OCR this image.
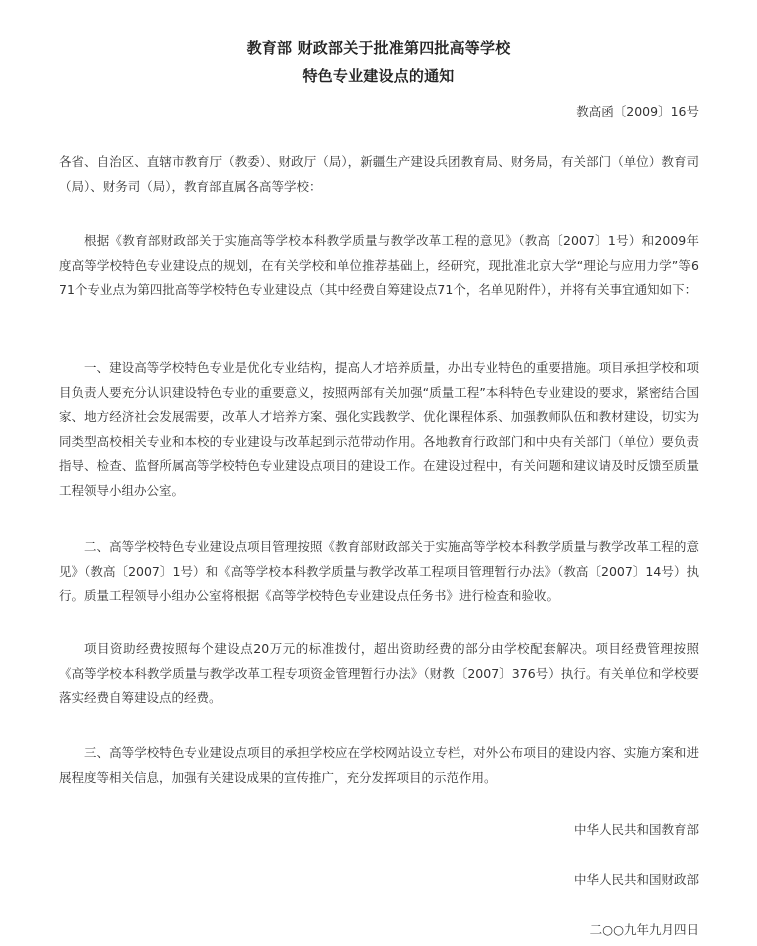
教育部 财政部关于批准第四批高等学校
特色专业建设点的通知
教高函〔2009〕16号

各省、自治区、直辖市教育厅（教委）、财政厅（局），新疆生产建设兵团教育局、财务局，有关部门（单位）教育司（局）、财务司（局），教育部直属各高等学校：

根据《教育部财政部关于实施高等学校本科教学质量与教学改革工程的意见》（教高〔2007〕1号）和2009年度高等学校特色专业建设点的规划，在有关学校和单位推荐基础上，经研究，现批准北京大学“理论与应用力学”等671个专业点为第四批高等学校特色专业建设点（其中经费自筹建设点71个，名单见附件），并将有关事宜通知如下：

一、建设高等学校特色专业是优化专业结构，提高人才培养质量，办出专业特色的重要措施。项目承担学校和项目负责人要充分认识建设特色专业的重要意义，按照两部有关加强“质量工程”本科特色专业建设的要求，紧密结合国家、地方经济社会发展需要，改革人才培养方案、强化实践教学、优化课程体系、加强教师队伍和教材建设，切实为同类型高校相关专业和本校的专业建设与改革起到示范带动作用。各地教育行政部门和中央有关部门（单位）要负责指导、检查、监督所属高等学校特色专业建设点项目的建设工作。在建设过程中，有关问题和建议请及时反馈至质量工程领导小组办公室。

二、高等学校特色专业建设点项目管理按照《教育部财政部关于实施高等学校本科教学质量与教学改革工程的意见》（教高〔2007〕1号）和《高等学校本科教学质量与教学改革工程项目管理暂行办法》（教高〔2007〕14号）执行。质量工程领导小组办公室将根据《高等学校特色专业建设点任务书》进行检查和验收。

项目资助经费按照每个建设点20万元的标准拨付，超出资助经费的部分由学校配套解决。项目经费管理按照《高等学校本科教学质量与教学改革工程专项资金管理暂行办法》（财教〔2007〕376号）执行。有关单位和学校要落实经费自筹建设点的经费。

三、高等学校特色专业建设点项目的承担学校应在学校网站设立专栏，对外公布项目的建设内容、实施方案和进展程度等相关信息，加强有关建设成果的宣传推广，充分发挥项目的示范作用。

中华人民共和国教育部
中华人民共和国财政部
二○○九年九月四日
